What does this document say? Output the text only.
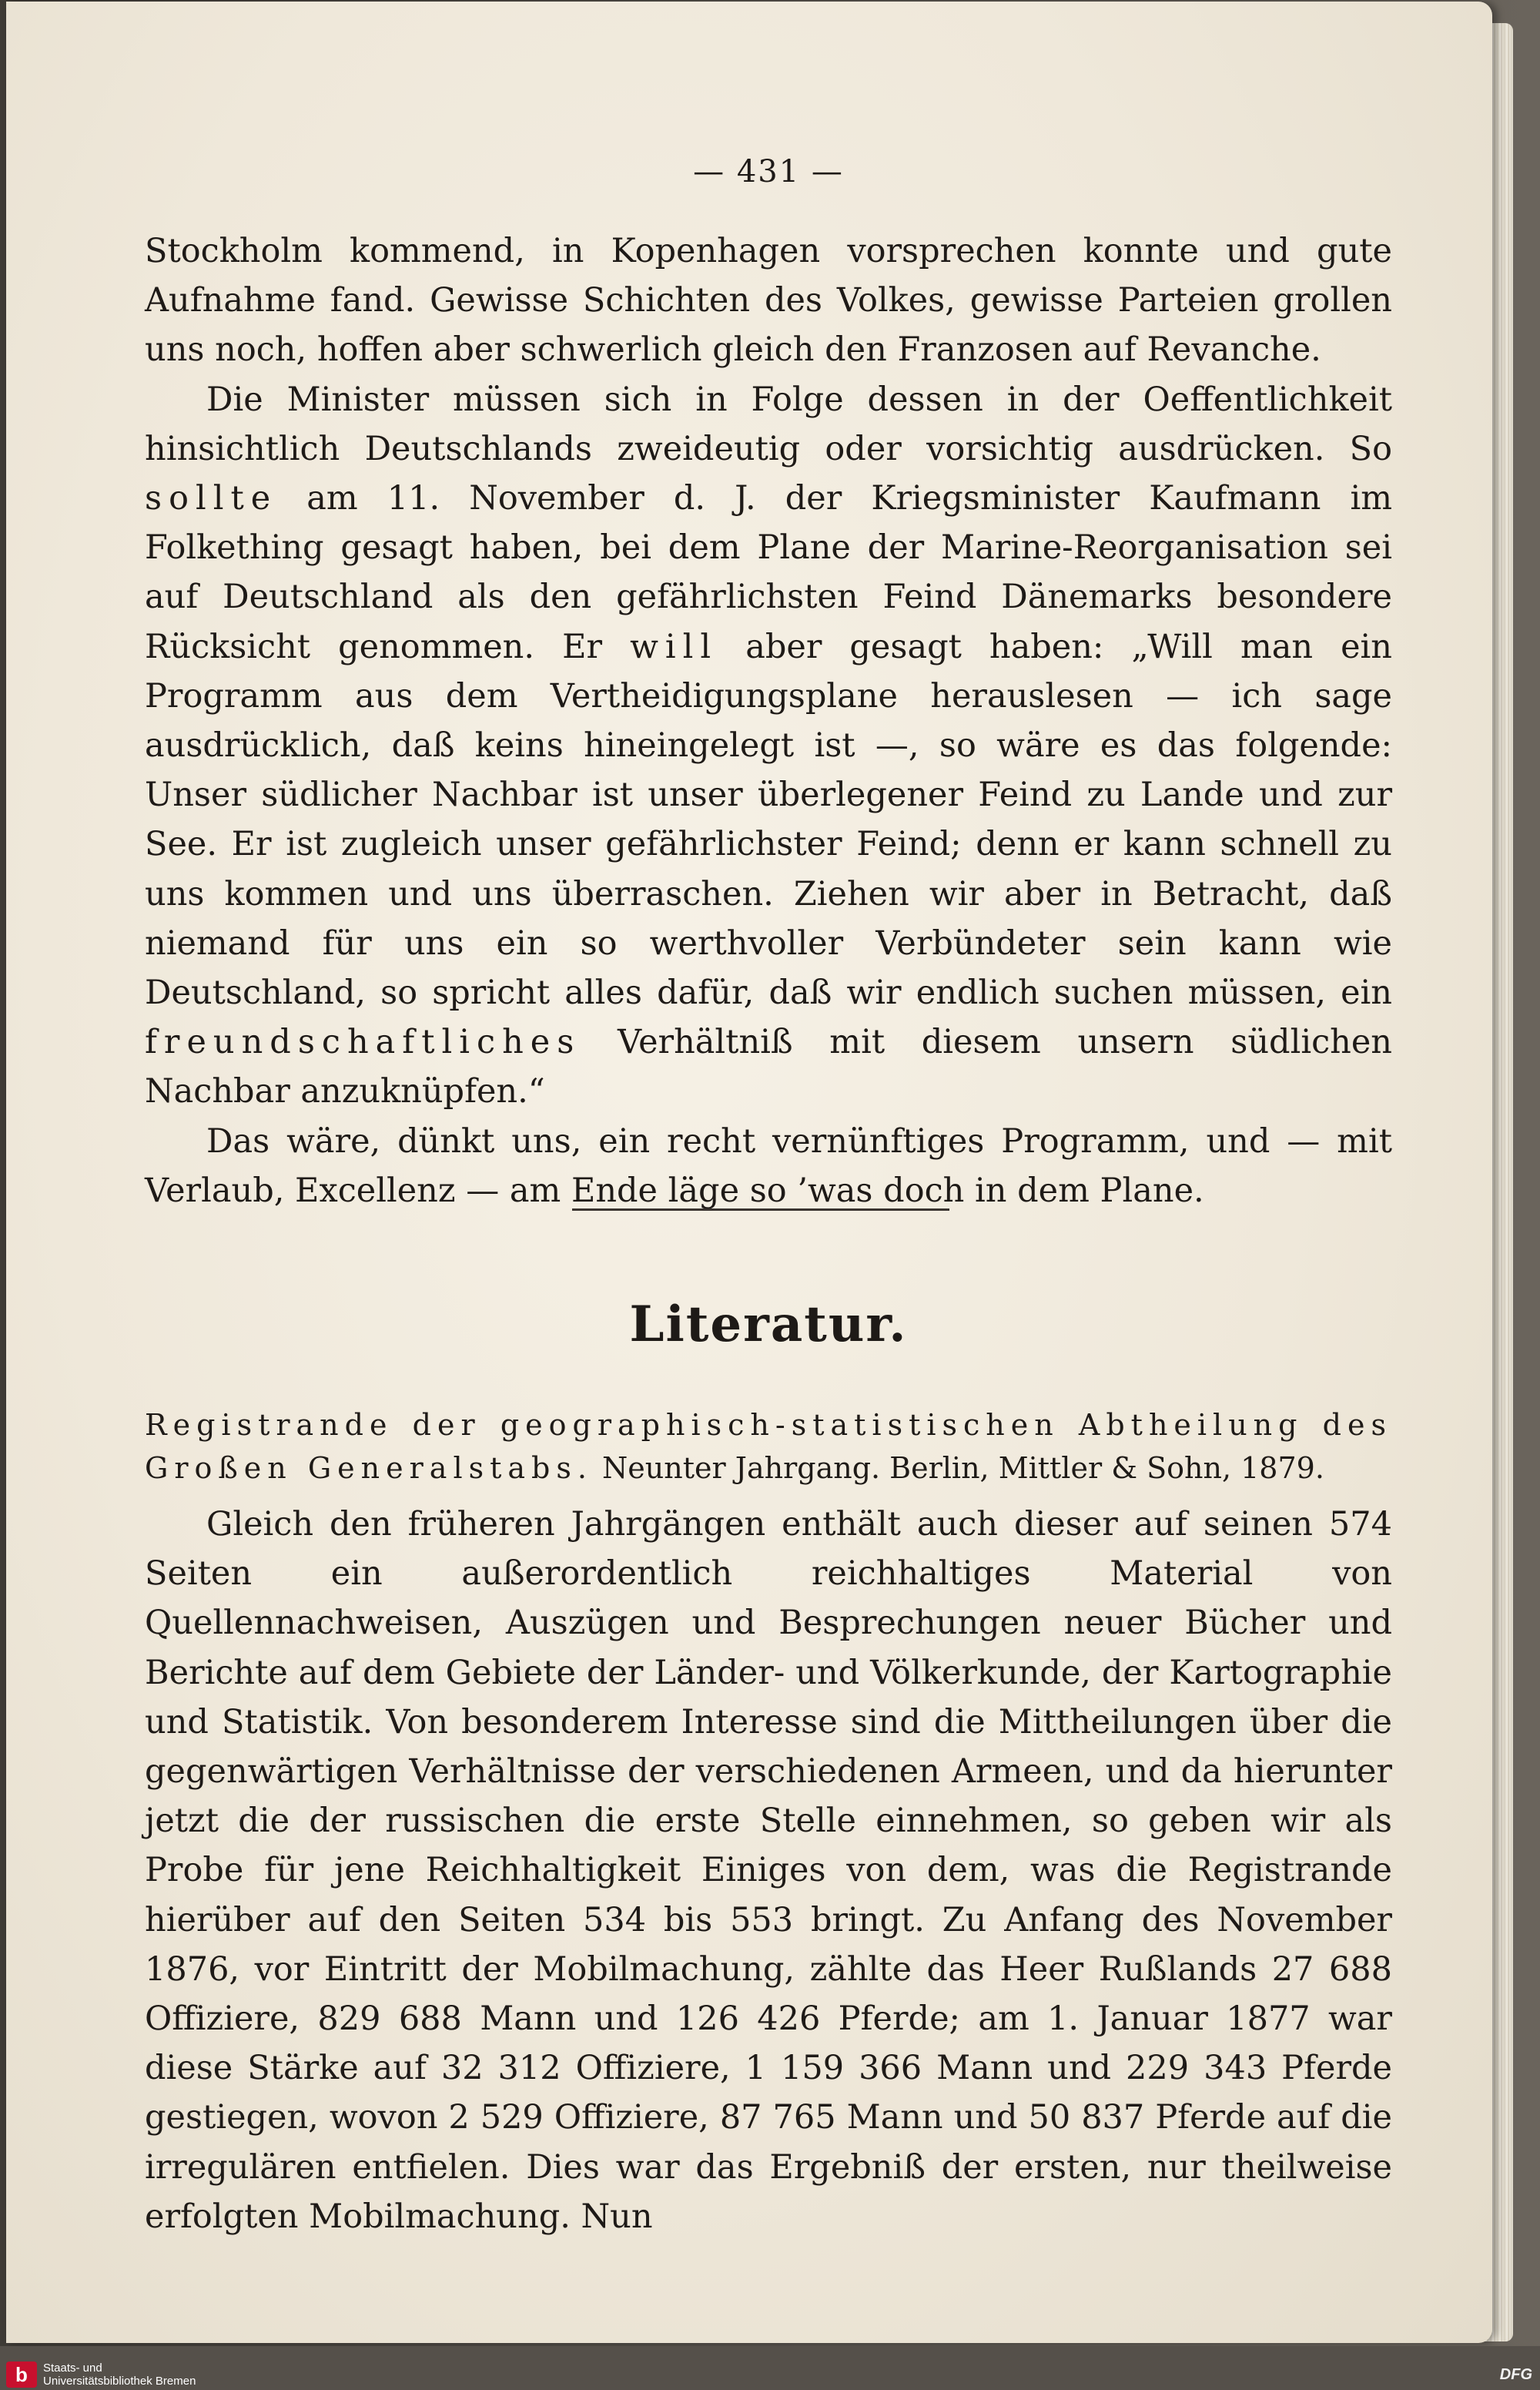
— 431 —

Stockholm kommend, in Kopenhagen vorsprechen konnte und gute Aufnahme fand. Gewisse Schichten des Volkes, gewisse Parteien grollen uns noch, hoffen aber schwerlich gleich den Franzosen auf Revanche.

Die Minister müssen sich in Folge dessen in der Oeffentlichkeit hinsichtlich Deutschlands zweideutig oder vorsichtig ausdrücken. So sollte am 11. November d. J. der Kriegsminister Kaufmann im Folkething gesagt haben, bei dem Plane der Marine-Reorganisation sei auf Deutschland als den gefährlichsten Feind Dänemarks besondere Rücksicht genommen. Er will aber gesagt haben: „Will man ein Programm aus dem Vertheidigungsplane herauslesen — ich sage ausdrücklich, daß keins hineingelegt ist —, so wäre es das folgende: Unser südlicher Nachbar ist unser überlegener Feind zu Lande und zur See. Er ist zugleich unser gefährlichster Feind; denn er kann schnell zu uns kommen und uns überraschen. Ziehen wir aber in Betracht, daß niemand für uns ein so werthvoller Verbündeter sein kann wie Deutschland, so spricht alles dafür, daß wir endlich suchen müssen, ein freundschaftliches Verhältniß mit diesem unsern südlichen Nachbar anzuknüpfen.“

Das wäre, dünkt uns, ein recht vernünftiges Programm, und — mit Verlaub, Excellenz — am Ende läge so ’was doch in dem Plane.

Literatur.

Registrande der geographisch-statistischen Abtheilung des Großen Generalstabs. Neunter Jahrgang. Berlin, Mittler & Sohn, 1879.

Gleich den früheren Jahrgängen enthält auch dieser auf seinen 574 Seiten ein außerordentlich reichhaltiges Material von Quellennachweisen, Auszügen und Besprechungen neuer Bücher und Berichte auf dem Gebiete der Länder- und Völkerkunde, der Kartographie und Statistik. Von besonderem Interesse sind die Mittheilungen über die gegenwärtigen Verhältnisse der verschiedenen Armeen, und da hierunter jetzt die der russischen die erste Stelle einnehmen, so geben wir als Probe für jene Reichhaltigkeit Einiges von dem, was die Registrande hierüber auf den Seiten 534 bis 553 bringt. Zu Anfang des November 1876, vor Eintritt der Mobilmachung, zählte das Heer Rußlands 27 688 Offiziere, 829 688 Mann und 126 426 Pferde; am 1. Januar 1877 war diese Stärke auf 32 312 Offiziere, 1 159 366 Mann und 229 343 Pferde gestiegen, wovon 2 529 Offiziere, 87 765 Mann und 50 837 Pferde auf die irregulären entfielen. Dies war das Ergebniß der ersten, nur theilweise erfolgten Mobilmachung. Nun

b	Staats- und
Universitätsbibliothek Bremen	DFG
